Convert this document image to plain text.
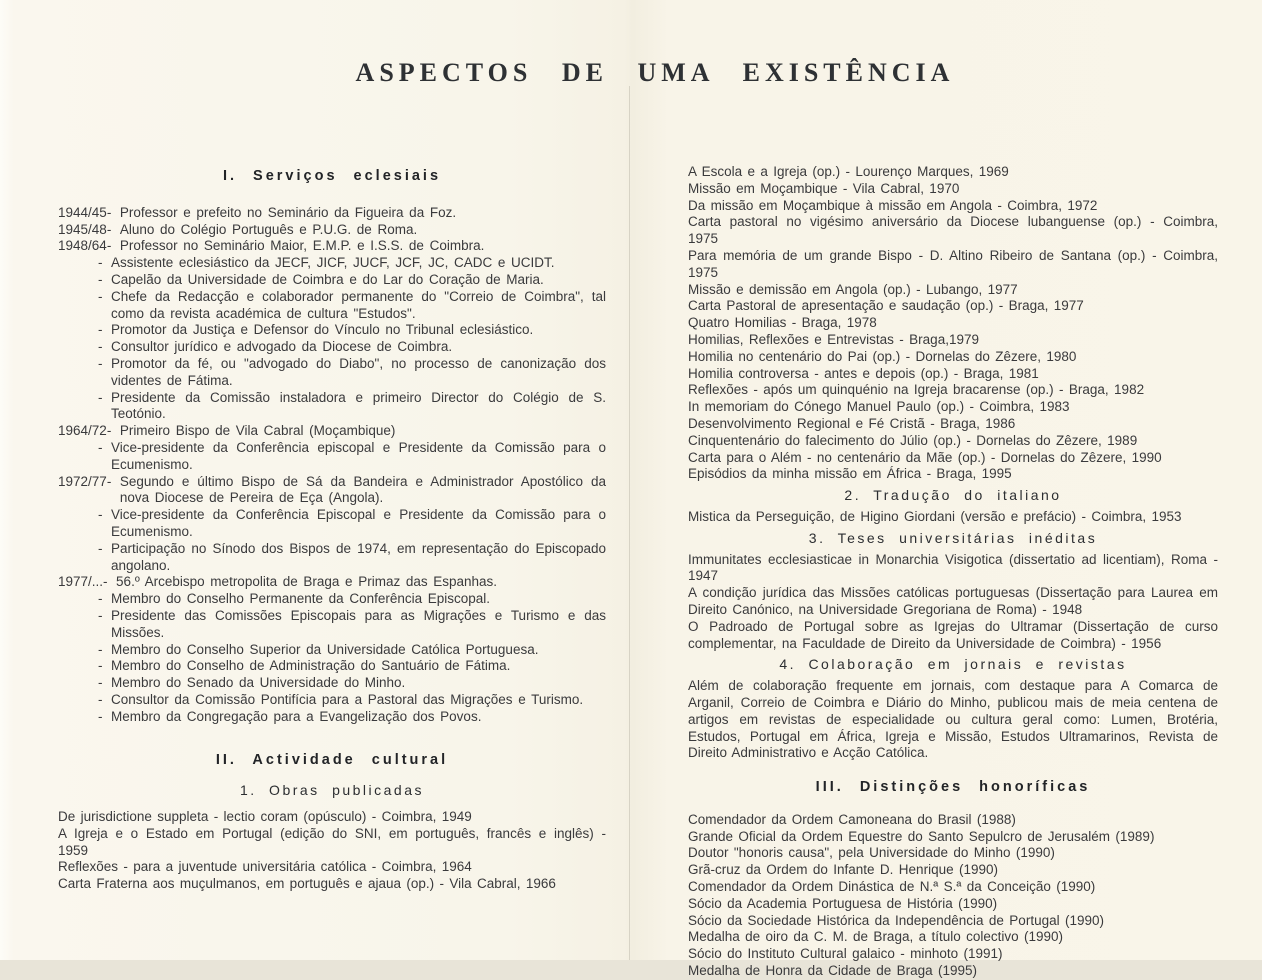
ASPECTOS DE UMA EXISTÊNCIA
I. Serviços eclesiais
1944/45 - Professor e prefeito no Seminário da Figueira da Foz.
1945/48 - Aluno do Colégio Português e P.U.G. de Roma.
1948/64 - Professor no Seminário Maior, E.M.P. e I.S.S. de Coimbra.
- Assistente eclesiástico da JECF, JICF, JUCF, JCF, JC, CADC e UCIDT.
- Capelão da Universidade de Coimbra e do Lar do Coração de Maria.
- Chefe da Redacção e colaborador permanente do "Correio de Coimbra", tal como da revista académica de cultura "Estudos".
- Promotor da Justiça e Defensor do Vínculo no Tribunal eclesiástico.
- Consultor jurídico e advogado da Diocese de Coimbra.
- Promotor da fé, ou "advogado do Diabo", no processo de canonização dos videntes de Fátima.
- Presidente da Comissão instaladora e primeiro Director do Colégio de S. Teotónio.
1964/72 - Primeiro Bispo de Vila Cabral (Moçambique)
- Vice-presidente da Conferência episcopal e Presidente da Comissão para o Ecumenismo.
1972/77 - Segundo e último Bispo de Sá da Bandeira e Administrador Apostólico da nova Diocese de Pereira de Eça (Angola).
- Vice-presidente da Conferência Episcopal e Presidente da Comissão para o Ecumenismo.
- Participação no Sínodo dos Bispos de 1974, em representação do Episcopado angolano.
1977/... - 56.º Arcebispo metropolita de Braga e Primaz das Espanhas.
- Membro do Conselho Permanente da Conferência Episcopal.
- Presidente das Comissões Episcopais para as Migrações e Turismo e das Missões.
- Membro do Conselho Superior da Universidade Católica Portuguesa.
- Membro do Conselho de Administração do Santuário de Fátima.
- Membro do Senado da Universidade do Minho.
- Consultor da Comissão Pontifícia para a Pastoral das Migrações e Turismo.
- Membro da Congregação para a Evangelização dos Povos.
II. Actividade cultural
1. Obras publicadas
De jurisdictione suppleta - lectio coram (opúsculo) - Coimbra, 1949
A Igreja e o Estado em Portugal (edição do SNI, em português, francês e inglês) - 1959
Reflexões - para a juventude universitária católica - Coimbra, 1964
Carta Fraterna aos muçulmanos, em português e ajaua (op.) - Vila Cabral, 1966
A Escola e a Igreja (op.) - Lourenço Marques, 1969
Missão em Moçambique - Vila Cabral, 1970
Da missão em Moçambique à missão em Angola - Coimbra, 1972
Carta pastoral no vigésimo aniversário da Diocese lubanguense (op.) - Coimbra, 1975
Para memória de um grande Bispo - D. Altino Ribeiro de Santana (op.) - Coimbra, 1975
Missão e demissão em Angola (op.) - Lubango, 1977
Carta Pastoral de apresentação e saudação (op.) - Braga, 1977
Quatro Homilias - Braga, 1978
Homilias, Reflexões e Entrevistas - Braga,1979
Homilia no centenário do Pai (op.) - Dornelas do Zêzere, 1980
Homilia controversa - antes e depois (op.) - Braga, 1981
Reflexões - após um quinquénio na Igreja bracarense (op.) - Braga, 1982
In memoriam do Cónego Manuel Paulo (op.) - Coimbra, 1983
Desenvolvimento Regional e Fé Cristã - Braga, 1986
Cinquentenário do falecimento do Júlio (op.) - Dornelas do Zêzere, 1989
Carta para o Além - no centenário da Mãe (op.) - Dornelas do Zêzere, 1990
Episódios da minha missão em África - Braga, 1995
2. Tradução do italiano
Mistica da Perseguição, de Higino Giordani (versão e prefácio) - Coimbra, 1953
3. Teses universitárias inéditas
Immunitates ecclesiasticae in Monarchia Visigotica (dissertatio ad licentiam), Roma - 1947
A condição jurídica das Missões católicas portuguesas (Dissertação para Laurea em Direito Canónico, na Universidade Gregoriana de Roma) - 1948
O Padroado de Portugal sobre as Igrejas do Ultramar (Dissertação de curso complementar, na Faculdade de Direito da Universidade de Coimbra) - 1956
4. Colaboração em jornais e revistas

Além de colaboração frequente em jornais, com destaque para A Comarca de Arganil, Correio de Coimbra e Diário do Minho, publicou mais de meia centena de artigos em revistas de especialidade ou cultura geral como: Lumen, Brotéria, Estudos, Portugal em África, Igreja e Missão, Estudos Ultramarinos, Revista de Direito Administrativo e Acção Católica.

III. Distinções honoríficas
Comendador da Ordem Camoneana do Brasil (1988)
Grande Oficial da Ordem Equestre do Santo Sepulcro de Jerusalém (1989)
Doutor "honoris causa", pela Universidade do Minho (1990)
Grã-cruz da Ordem do Infante D. Henrique (1990)
Comendador da Ordem Dinástica de N.ª S.ª da Conceição (1990)
Sócio da Academia Portuguesa de História (1990)
Sócio da Sociedade Histórica da Independência de Portugal (1990)
Medalha de oiro da C. M. de Braga, a título colectivo (1990)
Sócio do Instituto Cultural galaico - minhoto (1991)
Medalha de Honra da Cidade de Braga (1995)
